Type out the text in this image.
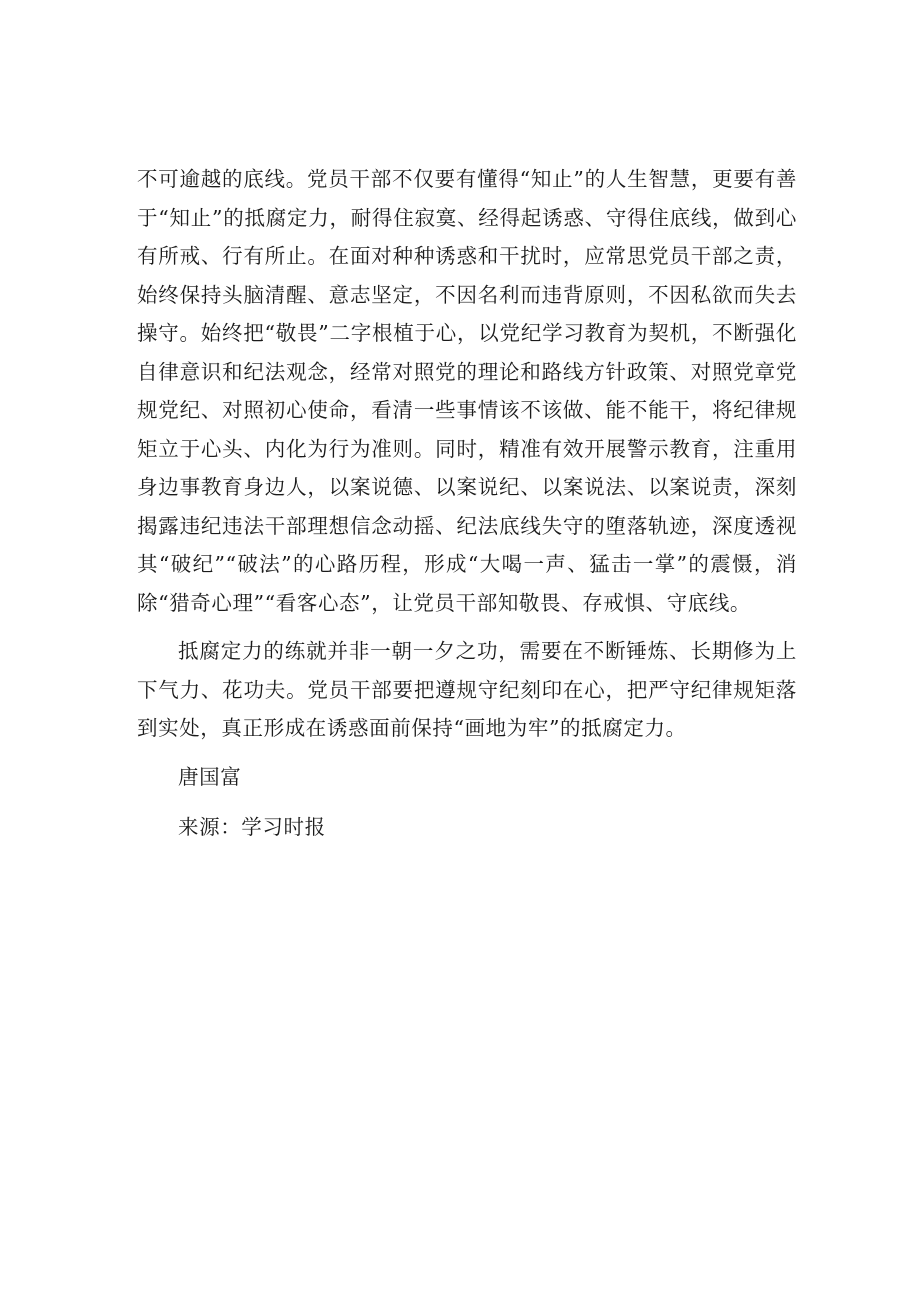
不可逾越的底线。党员干部不仅要有懂得“知止”的人生智慧，更要有善于“知止”的抵腐定力，耐得住寂寞、经得起诱惑、守得住底线，做到心有所戒、行有所止。在面对种种诱惑和干扰时，应常思党员干部之责，始终保持头脑清醒、意志坚定，不因名利而违背原则，不因私欲而失去操守。始终把“敬畏”二字根植于心，以党纪学习教育为契机，不断强化自律意识和纪法观念，经常对照党的理论和路线方针政策、对照党章党规党纪、对照初心使命，看清一些事情该不该做、能不能干，将纪律规矩立于心头、内化为行为准则。同时，精准有效开展警示教育，注重用身边事教育身边人，以案说德、以案说纪、以案说法、以案说责，深刻揭露违纪违法干部理想信念动摇、纪法底线失守的堕落轨迹，深度透视其“破纪”“破法”的心路历程，形成“大喝一声、猛击一掌”的震慑，消除“猎奇心理”“看客心态”，让党员干部知敬畏、存戒惧、守底线。

抵腐定力的练就并非一朝一夕之功，需要在不断锤炼、长期修为上下气力、花功夫。党员干部要把遵规守纪刻印在心，把严守纪律规矩落到实处，真正形成在诱惑面前保持“画地为牢”的抵腐定力。

唐国富

来源：学习时报
